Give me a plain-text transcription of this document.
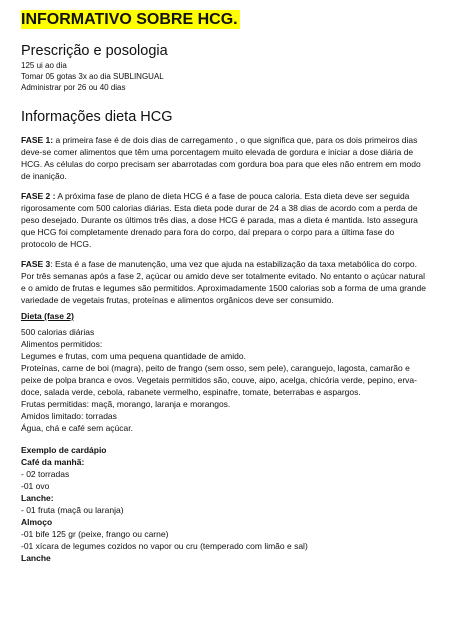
INFORMATIVO SOBRE HCG.
Prescrição e posologia
125 ui ao dia
Tomar 05 gotas 3x ao dia SUBLINGUAL
Administrar por 26 ou 40 dias
Informações dieta HCG

FASE 1: a primeira fase é de dois dias de carregamento , o que significa que, para os dois primeiros dias deve-se comer alimentos que têm uma porcentagem muito elevada de gordura e iniciar a dose diária de HCG. As células do corpo precisam ser abarrotadas com gordura boa para que eles não entrem em modo de inanição.

FASE 2 : A próxima fase de plano de dieta HCG é a fase de pouca caloria. Esta dieta deve ser seguida rigorosamente com 500 calorias diárias. Esta dieta pode durar de 24 a 38 dias de acordo com a perda de peso desejado. Durante os últimos três dias, a dose HCG é parada, mas a dieta é mantida. Isto assegura que HCG foi completamente drenado para fora do corpo, daí prepara o corpo para a última fase do protocolo de HCG.

FASE 3: Esta é a fase de manutenção, uma vez que ajuda na estabilização da taxa metabólica do corpo. Por três semanas após a fase 2, açúcar ou amido deve ser totalmente evitado. No entanto o açúcar natural e o amido de frutas e legumes são permitidos. Aproximadamente 1500 calorias sob a forma de uma grande variedade de vegetais frutas, proteínas e alimentos orgânicos deve ser consumido.

Dieta (fase 2)
500 calorias diárias
Alimentos permitidos:
Legumes e frutas, com uma pequena quantidade de amido.
Proteínas, carne de boi (magra), peito de frango (sem osso, sem pele), caranguejo, lagosta, camarão e peixe de polpa branca e ovos. Vegetais permitidos são, couve, aipo, acelga, chicória verde, pepino, erva-doce, salada verde, cebola, rabanete vermelho, espinafre, tomate, beterrabas e aspargos.
Frutas permitidas: maçã, morango, laranja e morangos.
Amidos limitado: torradas
Água, chá e café sem açúcar.
Exemplo de cardápio
Café da manhã:
- 02 torradas
-01 ovo
Lanche:
- 01 fruta (maçã ou laranja)
Almoço
-01 bife 125 gr (peixe, frango ou carne)
-01 xícara de legumes cozidos no vapor ou cru (temperado com limão e sal)
Lanche
